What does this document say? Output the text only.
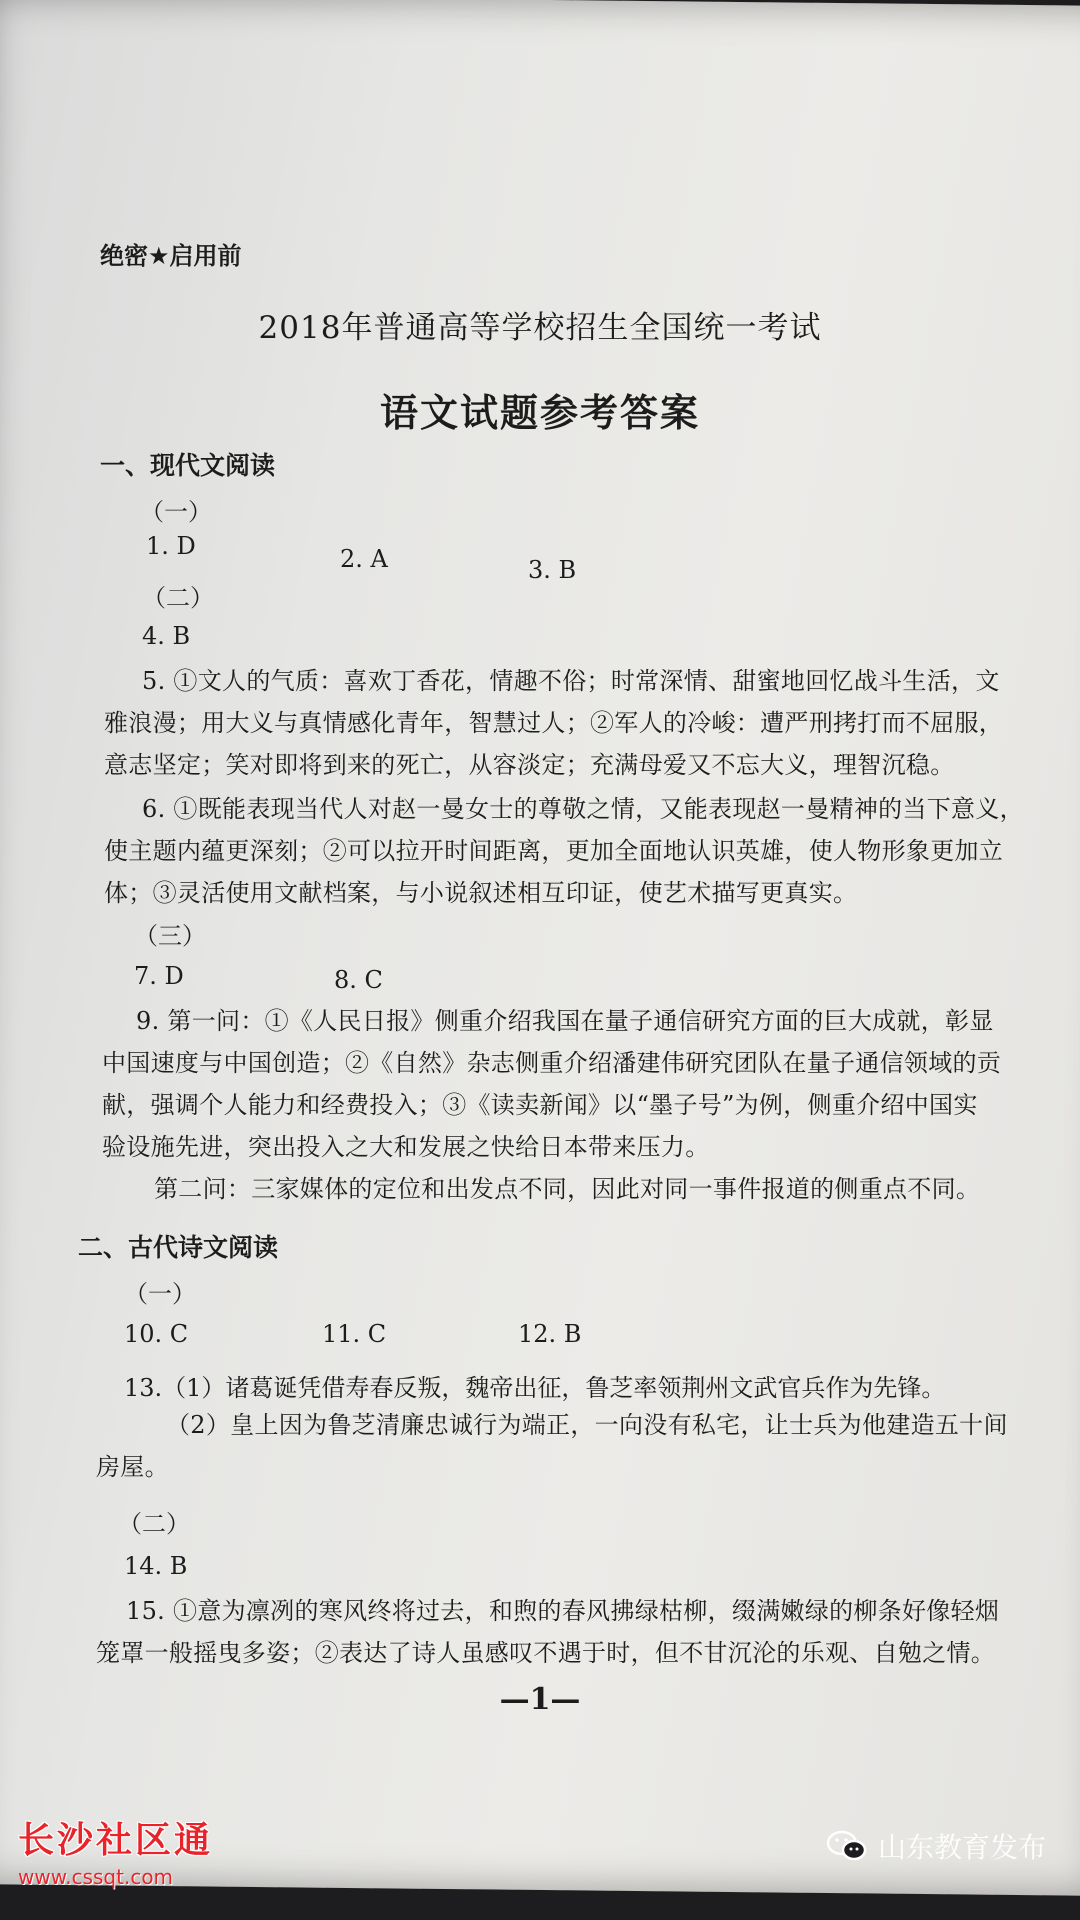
绝密★启用前
2018年普通高等学校招生全国统一考试
语文试题参考答案
一、现代文阅读
（一）
1. D	2. A	3. B
（二）
4. B
5. ①文人的气质：喜欢丁香花，情趣不俗；时常深情、甜蜜地回忆战斗生活，文
雅浪漫；用大义与真情感化青年，智慧过人；②军人的冷峻：遭严刑拷打而不屈服，
意志坚定；笑对即将到来的死亡，从容淡定；充满母爱又不忘大义，理智沉稳。
6. ①既能表现当代人对赵一曼女士的尊敬之情，又能表现赵一曼精神的当下意义，
使主题内蕴更深刻；②可以拉开时间距离，更加全面地认识英雄，使人物形象更加立
体；③灵活使用文献档案，与小说叙述相互印证，使艺术描写更真实。
（三）
7. D	8. C
9. 第一问：①《人民日报》侧重介绍我国在量子通信研究方面的巨大成就，彰显
中国速度与中国创造；②《自然》杂志侧重介绍潘建伟研究团队在量子通信领域的贡
献，强调个人能力和经费投入；③《读卖新闻》以“墨子号”为例，侧重介绍中国实
验设施先进，突出投入之大和发展之快给日本带来压力。
第二问：三家媒体的定位和出发点不同，因此对同一事件报道的侧重点不同。
二、古代诗文阅读
（一）
10. C	11. C	12. B
13.（1）诸葛诞凭借寿春反叛，魏帝出征，鲁芝率领荆州文武官兵作为先锋。
（2）皇上因为鲁芝清廉忠诚行为端正，一向没有私宅，让士兵为他建造五十间
房屋。
（二）
14. B
15. ①意为凛冽的寒风终将过去，和煦的春风拂绿枯柳，缀满嫩绿的柳条好像轻烟
笼罩一般摇曳多姿；②表达了诗人虽感叹不遇于时，但不甘沉沦的乐观、自勉之情。
—1—
长沙社区通
www.cssqt.com
山东教育发布
